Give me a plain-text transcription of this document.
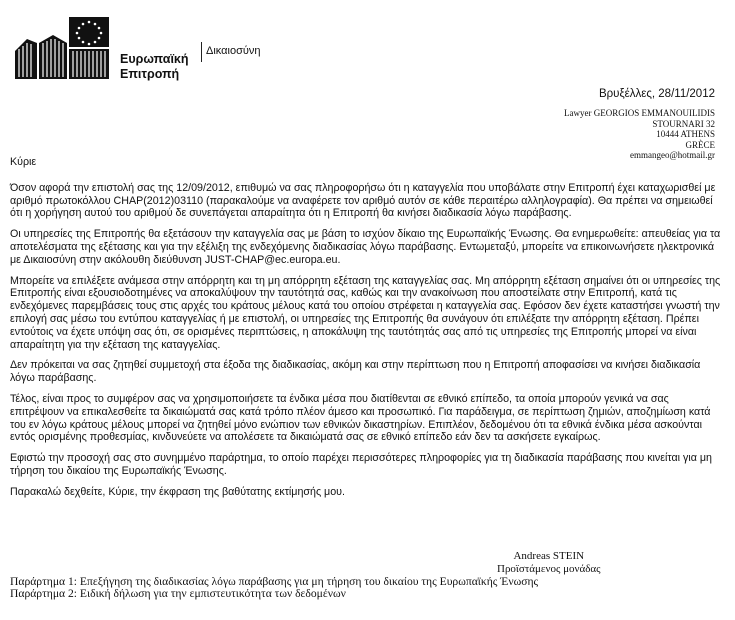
Ευρωπαϊκή
Επιτροπή
Δικαιοσύνη
Βρυξέλλες, 28/11/2012
Lawyer GEORGIOS EMMANOUILIDIS
STOURNARI 32
10444 ATHENS
GRÈCE
emmangeo@hotmail.gr

Κύριε

Όσον αφορά την επιστολή σας της 12/09/2012, επιθυμώ να σας πληροφορήσω ότι η καταγγελία που υποβάλατε στην Επιτροπή έχει καταχωρισθεί με αριθμό πρωτοκόλλου CHAP(2012)03110 (παρακαλούμε να αναφέρετε τον αριθμό αυτόν σε κάθε περαιτέρω αλληλογραφία). Θα πρέπει να σημειωθεί ότι η χορήγηση αυτού του αριθμού δε συνεπάγεται απαραίτητα ότι η Επιτροπή θα κινήσει διαδικασία λόγω παράβασης.

Οι υπηρεσίες της Επιτροπής θα εξετάσουν την καταγγελία σας με βάση το ισχύον δίκαιο της Ευρωπαϊκής Ένωσης. Θα ενημερωθείτε: απευθείας για τα αποτελέσματα της εξέτασης και για την εξέλιξη της ενδεχόμενης διαδικασίας λόγω παράβασης. Εντωμεταξύ, μπορείτε να επικοινωνήσετε ηλεκτρονικά με Δικαιοσύνη στην ακόλουθη διεύθυνση JUST-CHAP@ec.europa.eu.

Μπορείτε να επιλέξετε ανάμεσα στην απόρρητη και τη μη απόρρητη εξέταση της καταγγελίας σας. Μη απόρρητη εξέταση σημαίνει ότι οι υπηρεσίες της Επιτροπής είναι εξουσιοδοτημένες να αποκαλύψουν την ταυτότητά σας, καθώς και την ανακοίνωση που αποστείλατε στην Επιτροπή, κατά τις ενδεχόμενες παρεμβάσεις τους στις αρχές του κράτους μέλους κατά του οποίου στρέφεται η καταγγελία σας. Εφόσον δεν έχετε καταστήσει γνωστή την επιλογή σας μέσω του εντύπου καταγγελίας ή με επιστολή, οι υπηρεσίες της Επιτροπής θα συνάγουν ότι επιλέξατε την απόρρητη εξέταση. Πρέπει εντούτοις να έχετε υπόψη σας ότι, σε ορισμένες περιπτώσεις, η αποκάλυψη της ταυτότητάς σας από τις υπηρεσίες της Επιτροπής μπορεί να είναι απαραίτητη για την εξέταση της καταγγελίας.

Δεν πρόκειται να σας ζητηθεί συμμετοχή στα έξοδα της διαδικασίας, ακόμη και στην περίπτωση που η Επιτροπή αποφασίσει να κινήσει διαδικασία λόγω παράβασης.

Τέλος, είναι προς το συμφέρον σας να χρησιμοποιήσετε τα ένδικα μέσα που διατίθενται σε εθνικό επίπεδο, τα οποία μπορούν γενικά να σας επιτρέψουν να επικαλεσθείτε τα δικαιώματά σας κατά τρόπο πλέον άμεσο και προσωπικό. Για παράδειγμα, σε περίπτωση ζημιών, αποζημίωση κατά του εν λόγω κράτους μέλους μπορεί να ζητηθεί μόνο ενώπιον των εθνικών δικαστηρίων. Επιπλέον, δεδομένου ότι τα εθνικά ένδικα μέσα ασκούνται εντός ορισμένης προθεσμίας, κινδυνεύετε να απολέσετε τα δικαιώματά σας σε εθνικό επίπεδο εάν δεν τα ασκήσετε εγκαίρως.

Εφιστώ την προσοχή σας στο συνημμένο παράρτημα, το οποίο παρέχει περισσότερες πληροφορίες για τη διαδικασία παράβασης που κινείται για μη τήρηση του δικαίου της Ευρωπαϊκής Ένωσης.

Παρακαλώ δεχθείτε, Κύριε, την έκφραση της βαθύτατης εκτίμησής μου.

Andreas STEIN
Προϊστάμενος μονάδας
Παράρτημα 1: Επεξήγηση της διαδικασίας λόγω παράβασης για μη τήρηση του δικαίου της Ευρωπαϊκής Ένωσης
Παράρτημα 2: Ειδική δήλωση για την εμπιστευτικότητα των δεδομένων
